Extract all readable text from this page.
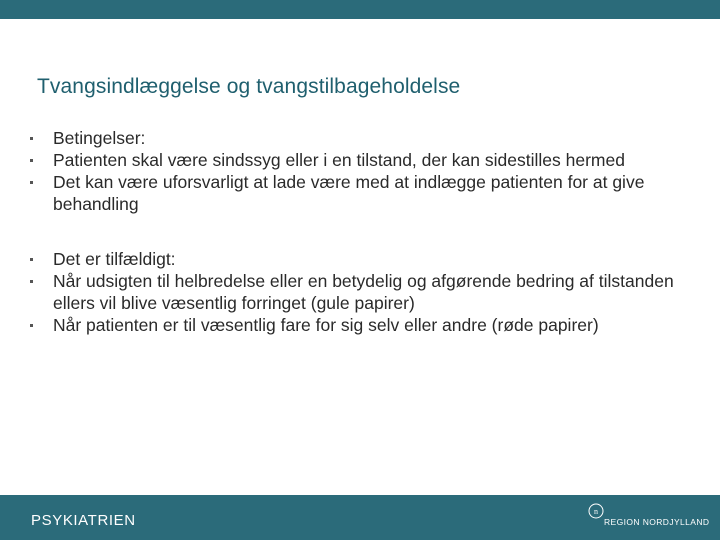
Tvangsindlæggelse og tvangstilbageholdelse
Betingelser:
Patienten skal være sindssyg eller i en tilstand, der kan sidestilles hermed
Det kan være uforsvarligt at lade være med at indlægge patienten for at give behandling
Det er tilfældigt:
Når udsigten til helbredelse eller en betydelig og afgørende bedring af tilstanden ellers vil blive væsentlig forringet (gule papirer)
Når patienten er til væsentlig fare for sig selv eller andre (røde papirer)
PSYKIATRIEN
n
REGION NORDJYLLAND
